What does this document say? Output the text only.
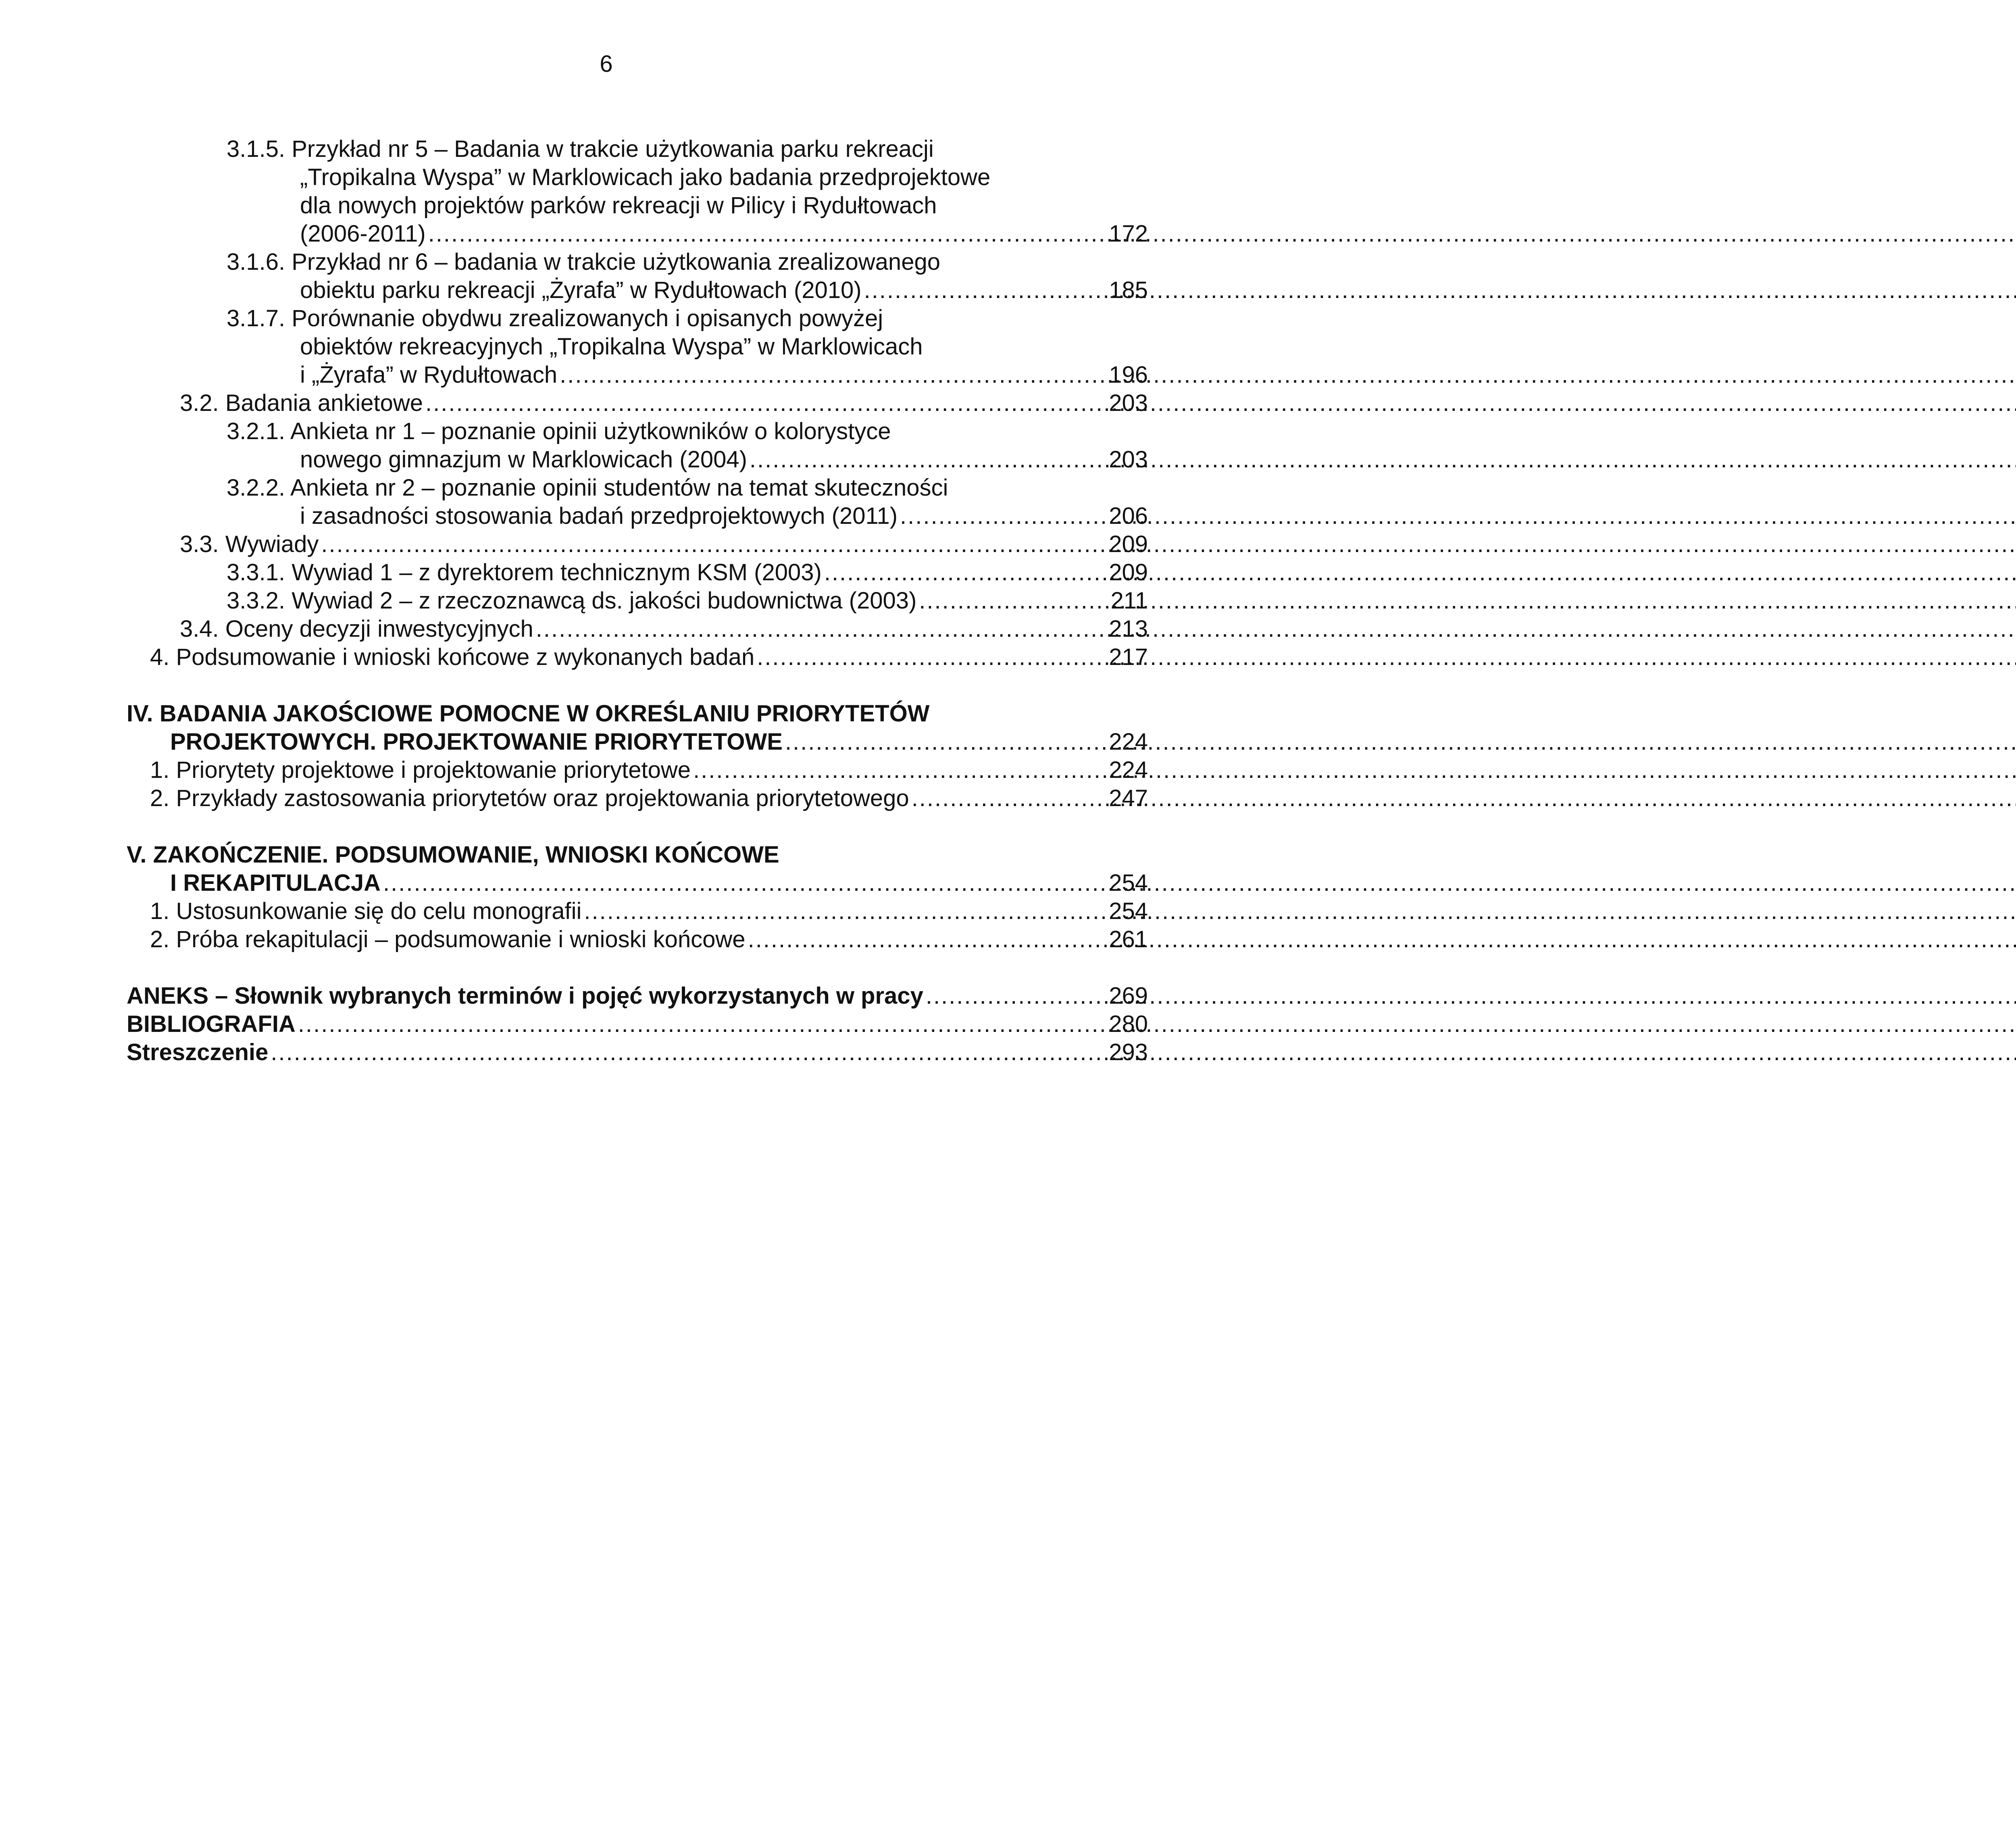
6
3.1.5. Przykład nr 5 – Badania w trakcie użytkowania parku rekreacji
„Tropikalna Wyspa” w Marklowicach jako badania przedprojektowe
dla nowych projektów parków rekreacji w Pilicy i Rydułtowach
(2006-2011) .....	172
3.1.6. Przykład nr 6 – badania w trakcie użytkowania zrealizowanego
obiektu parku rekreacji „Żyrafa” w Rydułtowach (2010) .....	185
3.1.7. Porównanie obydwu zrealizowanych i opisanych powyżej
obiektów rekreacyjnych „Tropikalna Wyspa” w Marklowicach
i „Żyrafa” w Rydułtowach .....	196
3.2. Badania ankietowe .....	203
3.2.1. Ankieta nr 1 – poznanie opinii użytkowników o kolorystyce
nowego gimnazjum w Marklowicach (2004) .....	203
3.2.2. Ankieta nr 2 – poznanie opinii studentów na temat skuteczności
i zasadności stosowania badań przedprojektowych (2011) .....	206
3.3. Wywiady .....	209
3.3.1. Wywiad 1 – z dyrektorem technicznym KSM (2003) .....	209
3.3.2. Wywiad 2 – z rzeczoznawcą ds. jakości budownictwa (2003) .....	211
3.4. Oceny decyzji inwestycyjnych .....	213
4. Podsumowanie i wnioski końcowe z wykonanych badań .....	217
IV. BADANIA JAKOŚCIOWE POMOCNE W OKREŚLANIU PRIORYTETÓW
PROJEKTOWYCH. PROJEKTOWANIE PRIORYTETOWE .....	224
1. Priorytety projektowe i projektowanie priorytetowe .....	224
2. Przykłady zastosowania priorytetów oraz projektowania priorytetowego .....	247
V. ZAKOŃCZENIE. PODSUMOWANIE, WNIOSKI KOŃCOWE
I REKAPITULACJA .....	254
1. Ustosunkowanie się do celu monografii .....	254
2. Próba rekapitulacji – podsumowanie i wnioski końcowe .....	261
ANEKS – Słownik wybranych terminów i pojęć wykorzystanych w pracy .....	269
BIBLIOGRAFIA .....	280
Streszczenie .....	293
